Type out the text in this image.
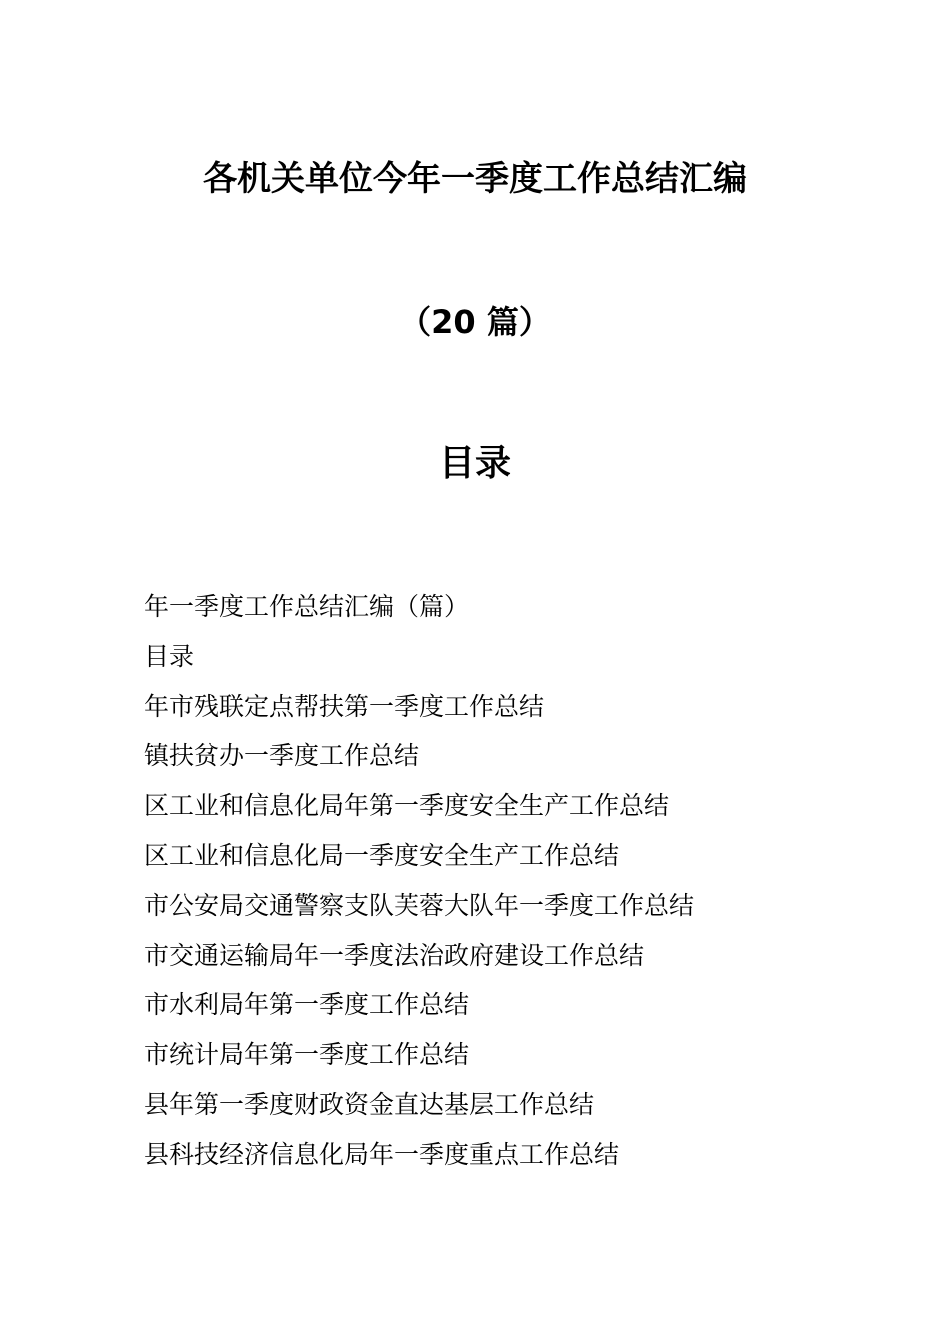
各机关单位今年一季度工作总结汇编
（20 篇）
目录
年一季度工作总结汇编（篇）
目录
年市残联定点帮扶第一季度工作总结
镇扶贫办一季度工作总结
区工业和信息化局年第一季度安全生产工作总结
区工业和信息化局一季度安全生产工作总结
市公安局交通警察支队芙蓉大队年一季度工作总结
市交通运输局年一季度法治政府建设工作总结
市水利局年第一季度工作总结
市统计局年第一季度工作总结
县年第一季度财政资金直达基层工作总结
县科技经济信息化局年一季度重点工作总结
